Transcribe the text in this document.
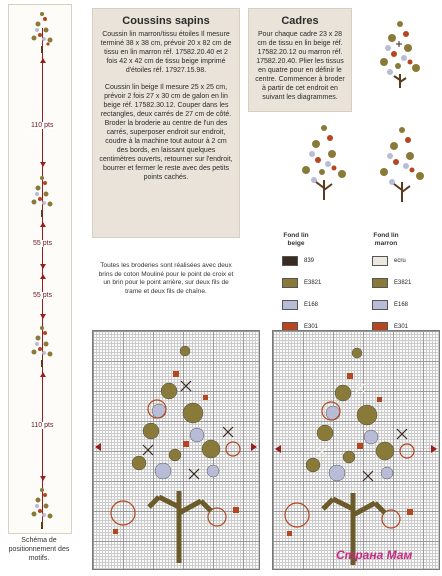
110 pts
55 pts
55 pts
110 pts
Schéma de positionnement des motifs.
Coussins sapins

Coussin lin marron/tissu étoiles Il mesure terminé 38 x 38 cm, prévoir 20 x 82 cm de tissu en lin marron réf. 17582.20.40 et 2 fois 42 x 42 cm de tissu beige imprimé d'étoiles réf. 17927.15.98.

Coussin lin beige Il mesure 25 x 25 cm, prévoir 2 fois 27 x 30 cm de galon en lin beige réf. 17582.30.12. Couper dans les rectangles, deux carrés de 27 cm de côté. Broder la broderie au centre de l'un des carrés, superposer endroit sur endroit, coudre à la machine tout autour à 2 cm des bords, en laissant quelques centimètres ouverts, retourner sur l'endroit, bourrer et fermer le reste avec des petits points cachés.

Cadres

Pour chaque cadre 23 x 28 cm de tissu en lin beige réf. 17582.20.12 ou marron réf. 17582.20.40. Plier les tissus en quatre pour en définir le centre. Commencer à broder à partir de cet endroit en suivant les diagrammes.

Toutes les broderies sont réalisées avec deux brins de coton Mouliné pour le point de croix et un brin pour le point arrière, sur deux fils de trame et deux fils de chaîne.
Fond lin beige
839
E3821
E168
E301
Fond lin marron
ecru
E3821
E168
E301
Страна Мам
